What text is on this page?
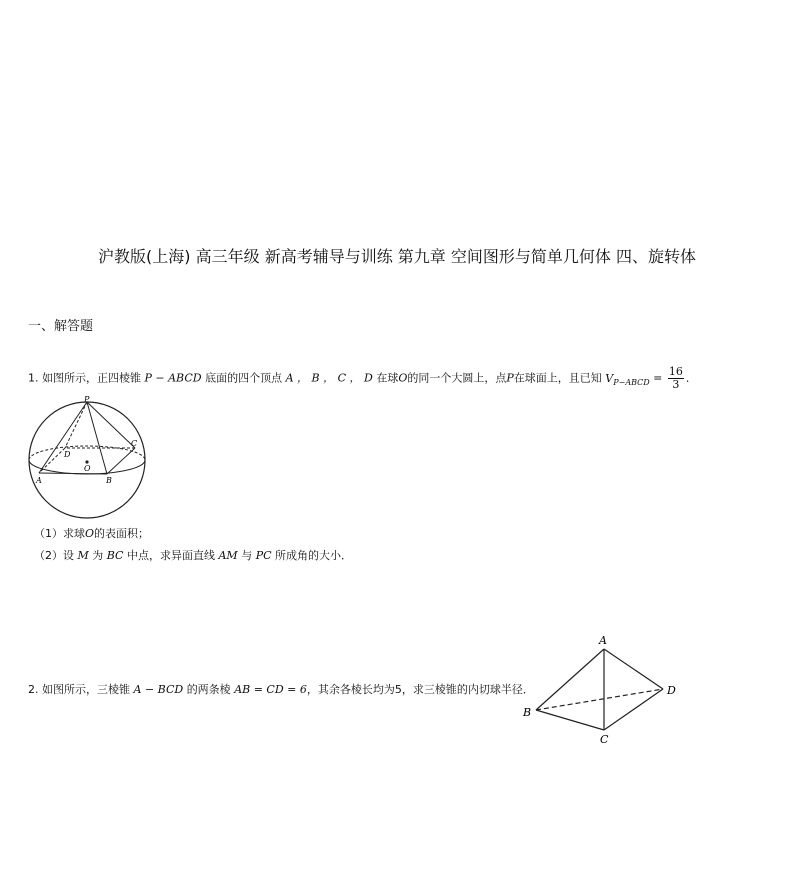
沪教版(上海) 高三年级 新高考辅导与训练 第九章 空间图形与简单几何体 四、旋转体
一、解答题
1. 如图所示，正四棱锥 P − ABCD 底面的四个顶点 A ， B ， C ， D 在球O的同一个大圆上，点P在球面上，且已知 $V_{P-ABCD} = \frac{16}{3}$ ．
P
D
C
O
A	B
（1）求球O的表面积；
（2）设 M 为 BC 中点，求异面直线 AM 与 PC 所成角的大小．
2. 如图所示，三棱锥 A − BCD 的两条棱 AB = CD = 6，其余各棱长均为5，求三棱锥的内切球半径．
A
B
C
D
